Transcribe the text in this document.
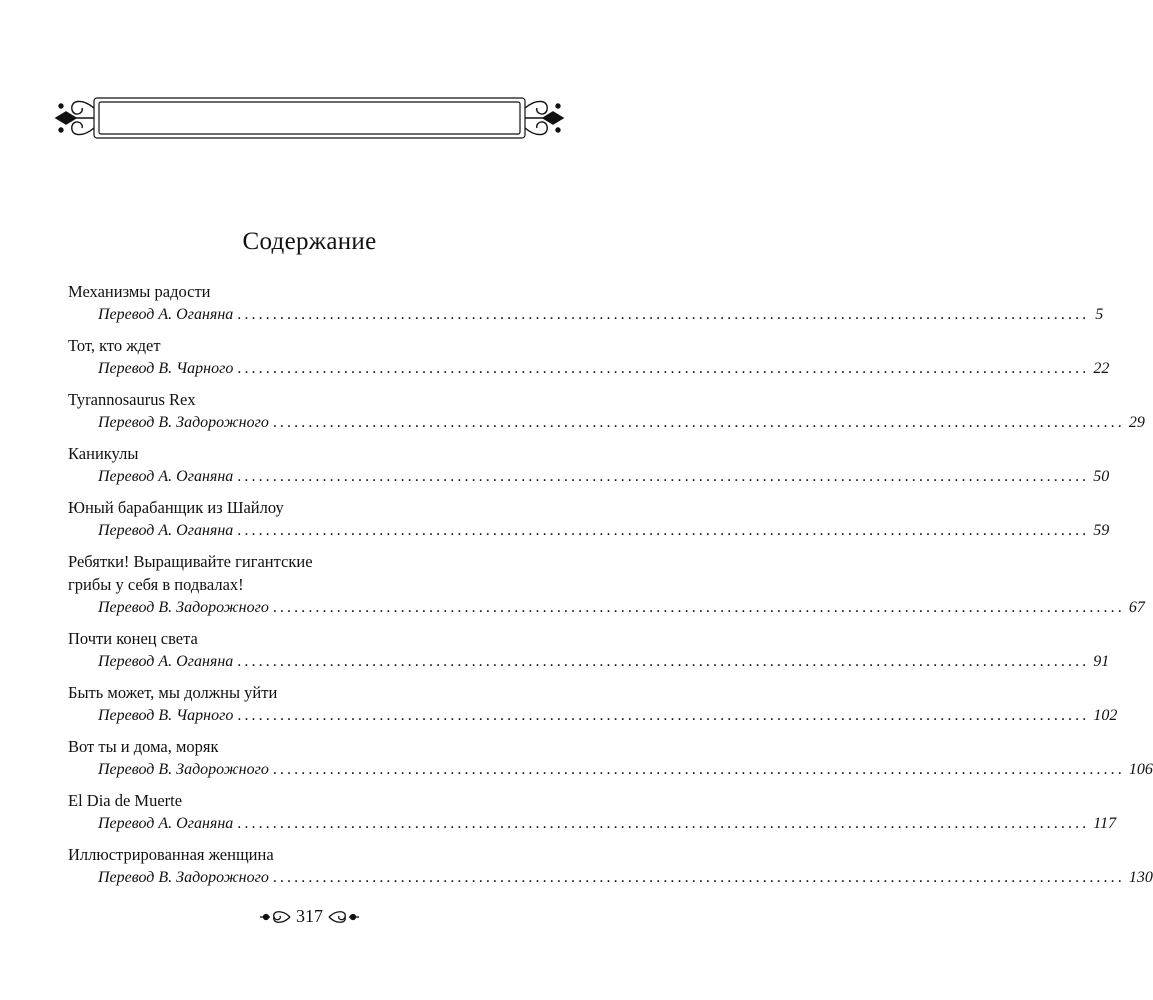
Содержание
Механизмы радости
Перевод А. Оганяна ........................................................................................................................ 5
Тот, кто ждет
Перевод В. Чарного ........................................................................................................................ 22
Tyrannosaurus Rex
Перевод В. Задорожного ........................................................................................................................ 29
Каникулы
Перевод А. Оганяна ........................................................................................................................ 50
Юный барабанщик из Шайлоу
Перевод А. Оганяна ........................................................................................................................ 59
Ребятки! Выращивайте гигантские
грибы у себя в подвалах!
Перевод В. Задорожного ........................................................................................................................ 67
Почти конец света
Перевод А. Оганяна ........................................................................................................................ 91
Быть может, мы должны уйти
Перевод В. Чарного ........................................................................................................................ 102
Вот ты и дома, моряк
Перевод В. Задорожного ........................................................................................................................ 106
El Dia de Muerte
Перевод А. Оганяна ........................................................................................................................ 117
Иллюстрированная женщина
Перевод В. Задорожного ........................................................................................................................ 130
317
